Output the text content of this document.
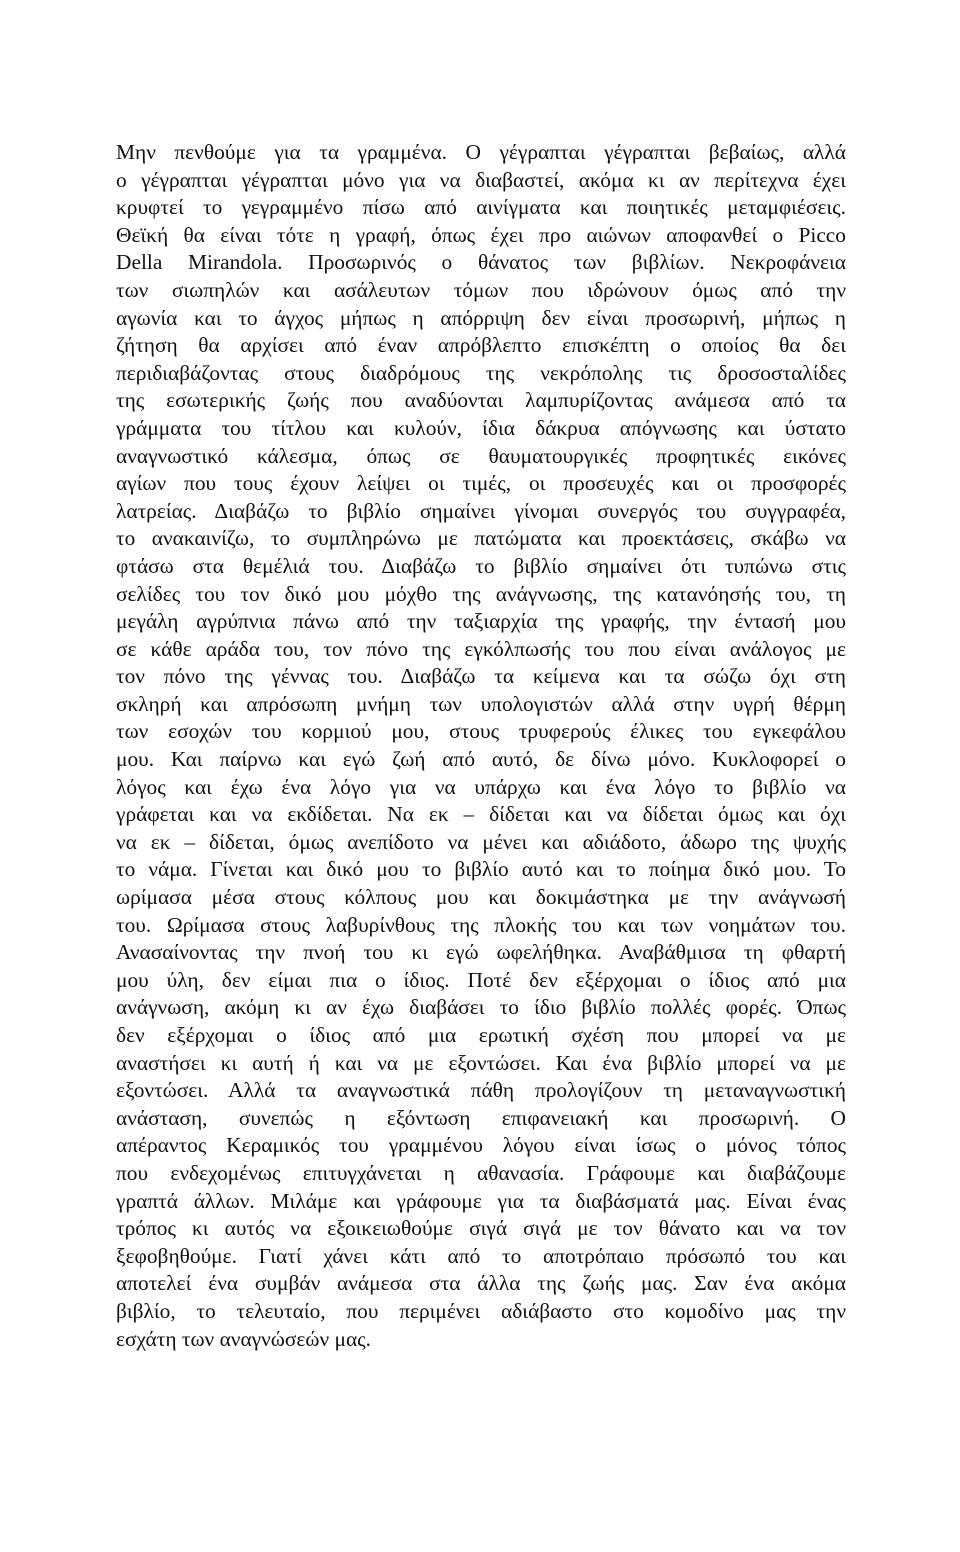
Μην πενθούμε για τα γραμμένα. Ο γέγραπται γέγραπται βεβαίως, αλλά
ο γέγραπται γέγραπται μόνο για να διαβαστεί, ακόμα κι αν περίτεχνα έχει
κρυφτεί το γεγραμμένο πίσω από αινίγματα και ποιητικές μεταμφιέσεις.
Θεϊκή θα είναι τότε η γραφή, όπως έχει προ αιώνων αποφανθεί ο Picco
Della Mirandola. Προσωρινός ο θάνατος των βιβλίων. Νεκροφάνεια
των σιωπηλών και ασάλευτων τόμων που ιδρώνουν όμως από την
αγωνία και το άγχος μήπως η απόρριψη δεν είναι προσωρινή, μήπως η
ζήτηση θα αρχίσει από έναν απρόβλεπτο επισκέπτη ο οποίος θα δει
περιδιαβάζοντας στους διαδρόμους της νεκρόπολης τις δροσοσταλίδες
της εσωτερικής ζωής που αναδύονται λαμπυρίζοντας ανάμεσα από τα
γράμματα του τίτλου και κυλούν, ίδια δάκρυα απόγνωσης και ύστατο
αναγνωστικό κάλεσμα, όπως σε θαυματουργικές προφητικές εικόνες
αγίων που τους έχουν λείψει οι τιμές, οι προσευχές και οι προσφορές
λατρείας. Διαβάζω το βιβλίο σημαίνει γίνομαι συνεργός του συγγραφέα,
το ανακαινίζω, το συμπληρώνω με πατώματα και προεκτάσεις, σκάβω να
φτάσω στα θεμέλιά του. Διαβάζω το βιβλίο σημαίνει ότι τυπώνω στις
σελίδες του τον δικό μου μόχθο της ανάγνωσης, της κατανόησής του, τη
μεγάλη αγρύπνια πάνω από την ταξιαρχία της γραφής, την έντασή μου
σε κάθε αράδα του, τον πόνο της εγκόλπωσής του που είναι ανάλογος με
τον πόνο της γέννας του. Διαβάζω τα κείμενα και τα σώζω όχι στη
σκληρή και απρόσωπη μνήμη των υπολογιστών αλλά στην υγρή θέρμη
των εσοχών του κορμιού μου, στους τρυφερούς έλικες του εγκεφάλου
μου. Και παίρνω και εγώ ζωή από αυτό, δε δίνω μόνο. Κυκλοφορεί ο
λόγος και έχω ένα λόγο για να υπάρχω και ένα λόγο το βιβλίο να
γράφεται και να εκδίδεται. Να εκ – δίδεται και να δίδεται όμως και όχι
να εκ – δίδεται, όμως ανεπίδοτο να μένει και αδιάδοτο, άδωρο της ψυχής
το νάμα. Γίνεται και δικό μου το βιβλίο αυτό και το ποίημα δικό μου. Το
ωρίμασα μέσα στους κόλπους μου και δοκιμάστηκα με την ανάγνωσή
του. Ωρίμασα στους λαβυρίνθους της πλοκής του και των νοημάτων του.
Ανασαίνοντας την πνοή του κι εγώ ωφελήθηκα. Αναβάθμισα τη φθαρτή
μου ύλη, δεν είμαι πια ο ίδιος. Ποτέ δεν εξέρχομαι ο ίδιος από μια
ανάγνωση, ακόμη κι αν έχω διαβάσει το ίδιο βιβλίο πολλές φορές. Όπως
δεν εξέρχομαι ο ίδιος από μια ερωτική σχέση που μπορεί να με
αναστήσει κι αυτή ή και να με εξοντώσει. Και ένα βιβλίο μπορεί να με
εξοντώσει. Αλλά τα αναγνωστικά πάθη προλογίζουν τη μεταναγνωστική
ανάσταση, συνεπώς η εξόντωση επιφανειακή και προσωρινή. Ο
απέραντος Κεραμικός του γραμμένου λόγου είναι ίσως ο μόνος τόπος
που ενδεχομένως επιτυγχάνεται η αθανασία. Γράφουμε και διαβάζουμε
γραπτά άλλων. Μιλάμε και γράφουμε για τα διαβάσματά μας. Είναι ένας
τρόπος κι αυτός να εξοικειωθούμε σιγά σιγά με τον θάνατο και να τον
ξεφοβηθούμε. Γιατί χάνει κάτι από το αποτρόπαιο πρόσωπό του και
αποτελεί ένα συμβάν ανάμεσα στα άλλα της ζωής μας. Σαν ένα ακόμα
βιβλίο, το τελευταίο, που περιμένει αδιάβαστο στο κομοδίνο μας την
εσχάτη των αναγνώσεών μας.
